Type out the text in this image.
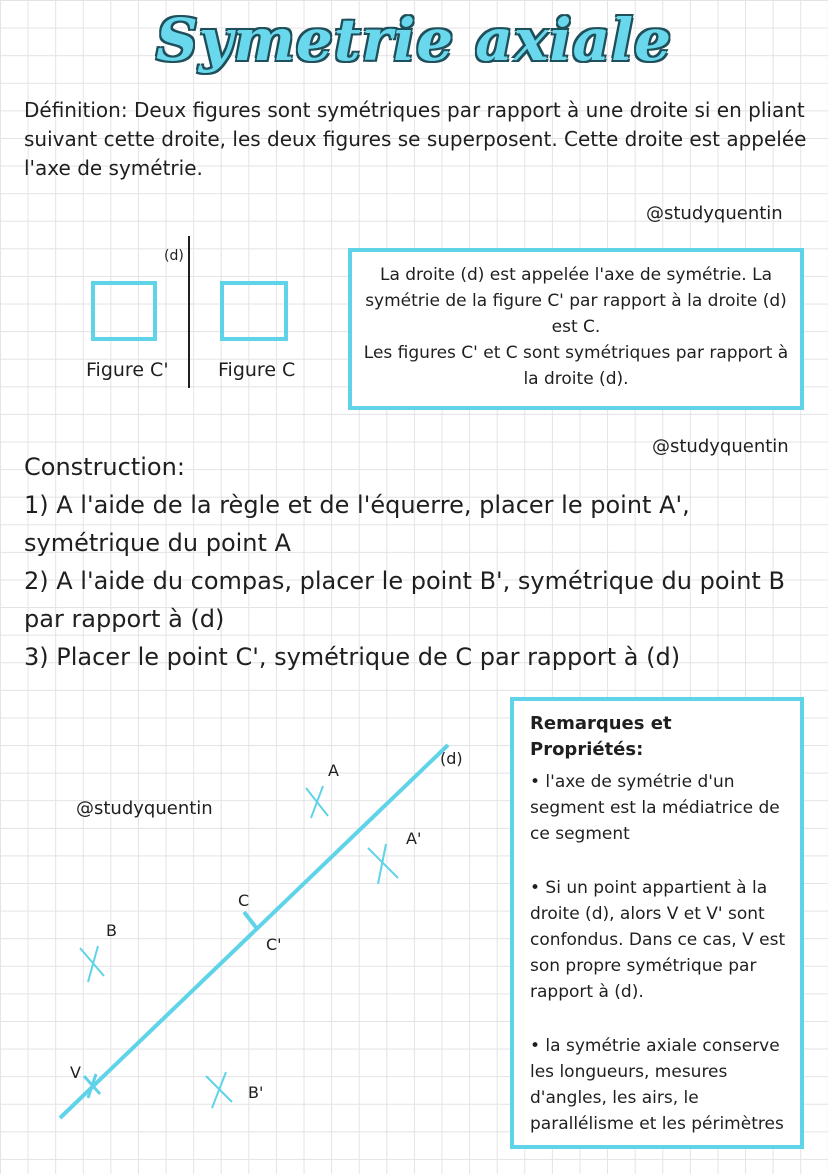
Symetrie axiale
Définition: Deux figures sont symétriques par rapport à une droite si en pliant suivant cette droite, les deux figures se superposent. Cette droite est appelée l'axe de symétrie.
@studyquentin
(d)
Figure C'	Figure C
La droite (d) est appelée l'axe de symétrie. La symétrie de la figure C' par rapport à la droite (d) est C.
Les figures C' et C sont symétriques par rapport à la droite (d).
@studyquentin
Construction:
1) A l'aide de la règle et de l'équerre, placer le point A', symétrique du point A
2) A l'aide du compas, placer le point B', symétrique du point B par rapport à (d)
3) Placer le point C', symétrique de C par rapport à (d)
(d)
A
A'
C
C'
B
V
B'
@studyquentin
Remarques et Propriétés:
• l'axe de symétrie d'un segment est la médiatrice de ce segment
• Si un point appartient à la droite (d), alors V et V' sont confondus. Dans ce cas, V est son propre symétrique par rapport à (d).
• la symétrie axiale conserve les longueurs, mesures d'angles, les airs, le parallélisme et les périmètres
